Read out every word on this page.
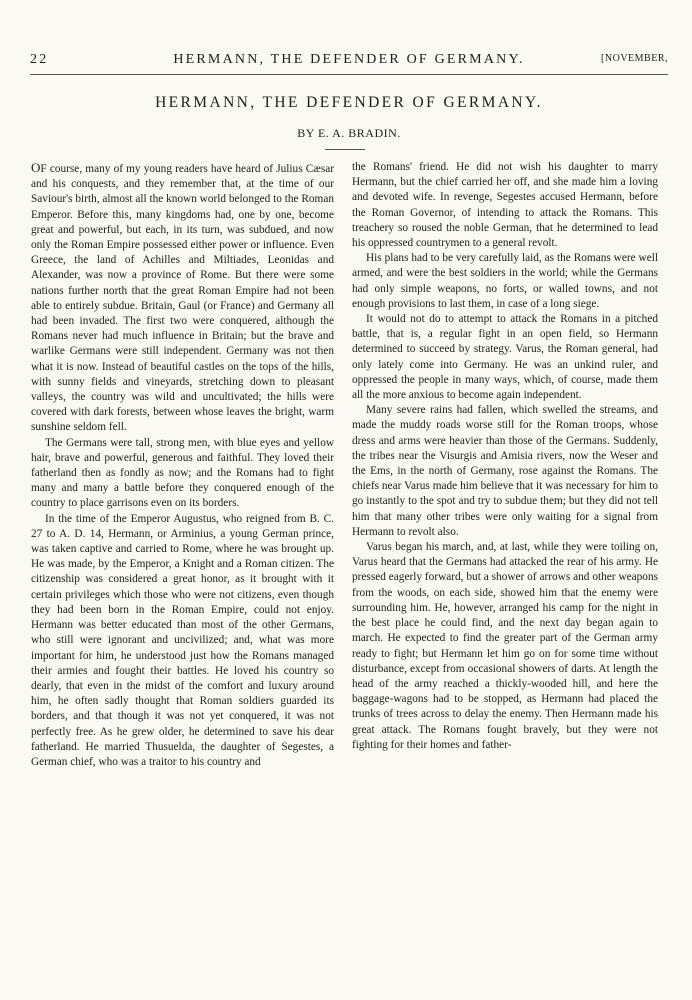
22	HERMANN, THE DEFENDER OF GERMANY.	[NOVEMBER,
HERMANN, THE DEFENDER OF GERMANY.
BY E. A. BRADIN.

OF course, many of my young readers have heard of Julius Cæsar and his conquests, and they remember that, at the time of our Saviour's birth, almost all the known world belonged to the Roman Emperor. Before this, many kingdoms had, one by one, become great and powerful, but each, in its turn, was subdued, and now only the Roman Empire possessed either power or influence. Even Greece, the land of Achilles and Miltiades, Leonidas and Alexander, was now a province of Rome. But there were some nations further north that the great Roman Empire had not been able to entirely subdue. Britain, Gaul (or France) and Germany all had been invaded. The first two were conquered, although the Romans never had much influence in Britain; but the brave and warlike Germans were still independent. Germany was not then what it is now. Instead of beautiful castles on the tops of the hills, with sunny fields and vineyards, stretching down to pleasant valleys, the country was wild and uncultivated; the hills were covered with dark forests, between whose leaves the bright, warm sunshine seldom fell.

The Germans were tall, strong men, with blue eyes and yellow hair, brave and powerful, generous and faithful. They loved their fatherland then as fondly as now; and the Romans had to fight many and many a battle before they conquered enough of the country to place garrisons even on its borders.

In the time of the Emperor Augustus, who reigned from B. C. 27 to A. D. 14, Hermann, or Arminius, a young German prince, was taken captive and carried to Rome, where he was brought up. He was made, by the Emperor, a Knight and a Roman citizen. The citizenship was considered a great honor, as it brought with it certain privileges which those who were not citizens, even though they had been born in the Roman Empire, could not enjoy. Hermann was better educated than most of the other Germans, who still were ignorant and uncivilized; and, what was more important for him, he understood just how the Romans managed their armies and fought their battles. He loved his country so dearly, that even in the midst of the comfort and luxury around him, he often sadly thought that Roman soldiers guarded its borders, and that though it was not yet conquered, it was not perfectly free. As he grew older, he determined to save his dear fatherland. He married Thusuelda, the daughter of Segestes, a German chief, who was a traitor to his country and

the Romans' friend. He did not wish his daughter to marry Hermann, but the chief carried her off, and she made him a loving and devoted wife. In revenge, Segestes accused Hermann, before the Roman Governor, of intending to attack the Romans. This treachery so roused the noble German, that he determined to lead his oppressed countrymen to a general revolt.

His plans had to be very carefully laid, as the Romans were well armed, and were the best soldiers in the world; while the Germans had only simple weapons, no forts, or walled towns, and not enough provisions to last them, in case of a long siege.

It would not do to attempt to attack the Romans in a pitched battle, that is, a regular fight in an open field, so Hermann determined to succeed by strategy. Varus, the Roman general, had only lately come into Germany. He was an unkind ruler, and oppressed the people in many ways, which, of course, made them all the more anxious to become again independent.

Many severe rains had fallen, which swelled the streams, and made the muddy roads worse still for the Roman troops, whose dress and arms were heavier than those of the Germans. Suddenly, the tribes near the Visurgis and Amisia rivers, now the Weser and the Ems, in the north of Germany, rose against the Romans. The chiefs near Varus made him believe that it was necessary for him to go instantly to the spot and try to subdue them; but they did not tell him that many other tribes were only waiting for a signal from Hermann to revolt also.

Varus began his march, and, at last, while they were toiling on, Varus heard that the Germans had attacked the rear of his army. He pressed eagerly forward, but a shower of arrows and other weapons from the woods, on each side, showed him that the enemy were surrounding him. He, however, arranged his camp for the night in the best place he could find, and the next day began again to march. He expected to find the greater part of the German army ready to fight; but Hermann let him go on for some time without disturbance, except from occasional showers of darts. At length the head of the army reached a thickly-wooded hill, and here the baggage-wagons had to be stopped, as Hermann had placed the trunks of trees across to delay the enemy. Then Hermann made his great attack. The Romans fought bravely, but they were not fighting for their homes and father-
